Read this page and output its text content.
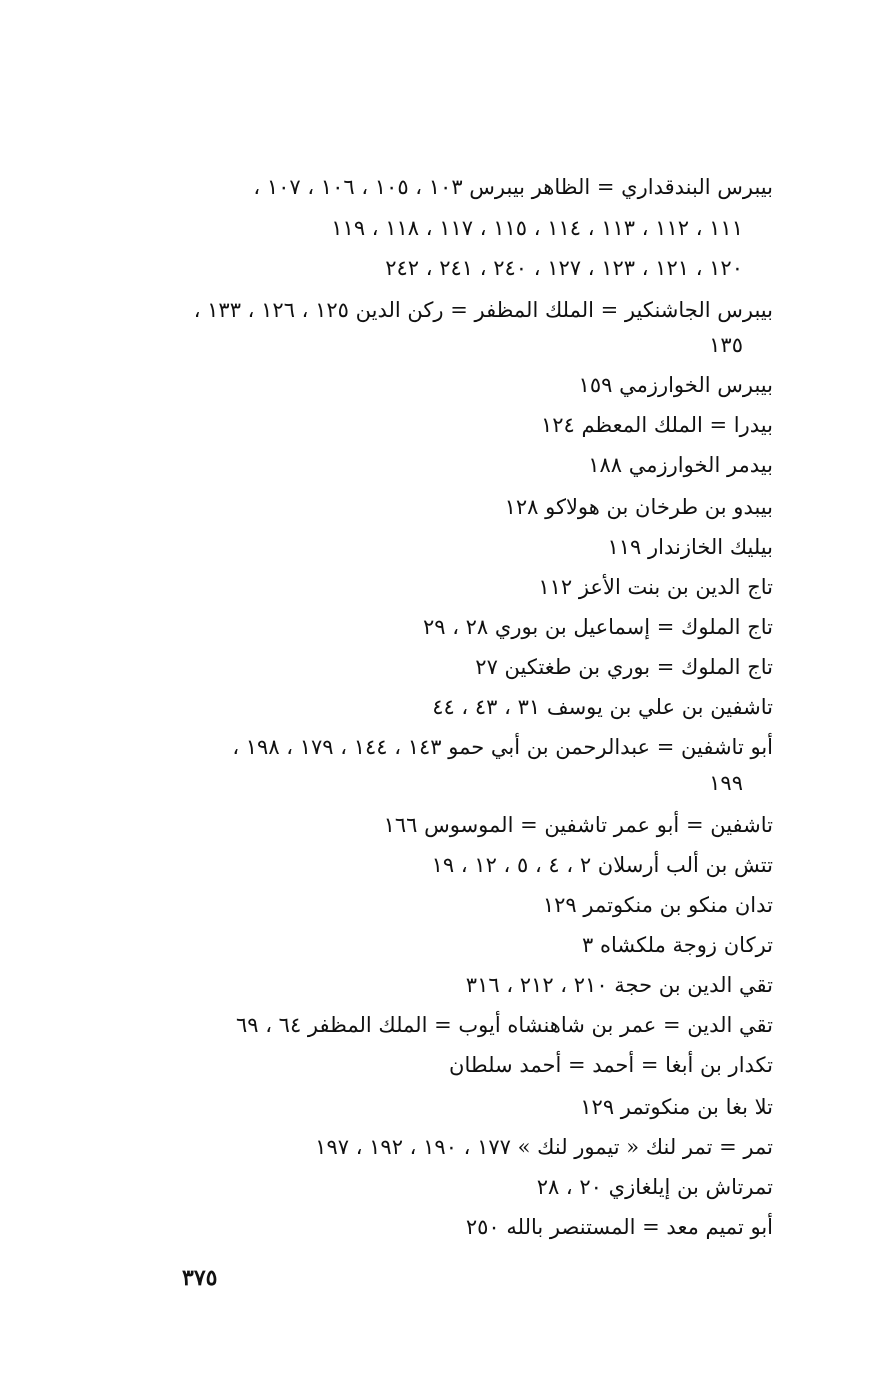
بيبرس البندقداري = الظاهر بيبرس ١٠٣ ، ١٠٥ ، ١٠٦ ، ١٠٧ ،
١١١ ، ١١٢ ، ١١٣ ، ١١٤ ، ١١٥ ، ١١٧ ، ١١٨ ، ١١٩
١٢٠ ، ١٢١ ، ١٢٣ ، ١٢٧ ، ٢٤٠ ، ٢٤١ ، ٢٤٢
بيبرس الجاشنكير = الملك المظفر = ركن الدين ١٢٥ ، ١٢٦ ، ١٣٣ ،
١٣٥
بيبرس الخوارزمي ١٥٩
بيدرا = الملك المعظم ١٢٤
بيدمر الخوارزمي ١٨٨
بيبدو بن طرخان بن هولاكو ١٢٨
بيليك الخازندار ١١٩
تاج الدين بن بنت الأعز ١١٢
تاج الملوك = إسماعيل بن بوري ٢٨ ، ٢٩
تاج الملوك = بوري بن طغتكين ٢٧
تاشفين بن علي بن يوسف ٣١ ، ٤٣ ، ٤٤
أبو تاشفين = عبدالرحمن بن أبي حمو ١٤٣ ، ١٤٤ ، ١٧٩ ، ١٩٨ ،
١٩٩
تاشفين = أبو عمر تاشفين = الموسوس ١٦٦
تتش بن ألب أرسلان ٢ ، ٤ ، ٥ ، ١٢ ، ١٩
تدان منكو بن منكوتمر ١٢٩
تركان زوجة ملكشاه ٣
تقي الدين بن حجة ٢١٠ ، ٢١٢ ، ٣١٦
تقي الدين = عمر بن شاهنشاه أيوب = الملك المظفر ٦٤ ، ٦٩
تكدار بن أبغا = أحمد = أحمد سلطان
تلا بغا بن منكوتمر ١٢٩
تمر = تمر لنك « تيمور لنك » ١٧٧ ، ١٩٠ ، ١٩٢ ، ١٩٧
تمرتاش بن إيلغازي ٢٠ ، ٢٨
أبو تميم معد = المستنصر بالله ٢٥٠
٣٧٥
